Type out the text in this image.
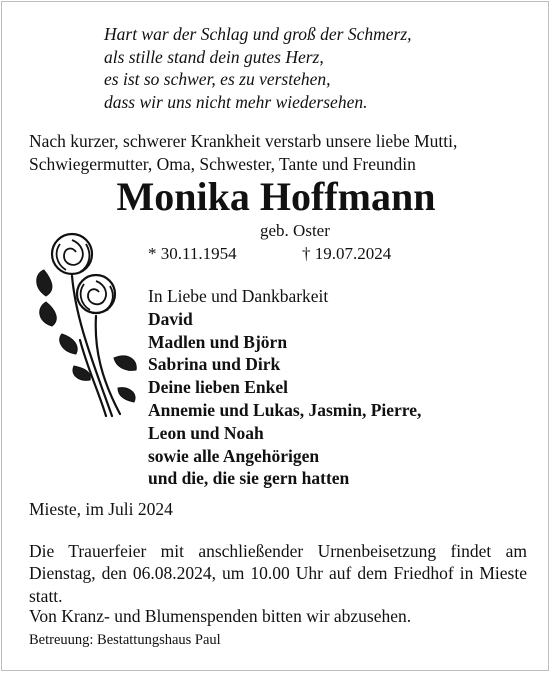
Hart war der Schlag und groß der Schmerz,
als stille stand dein gutes Herz,
es ist so schwer, es zu verstehen,
dass wir uns nicht mehr wiedersehen.
Nach kurzer, schwerer Krankheit verstarb unsere liebe Mutti,
Schwiegermutter, Oma, Schwester, Tante und Freundin
Monika Hoffmann
geb. Oster
* 30.11.1954	† 19.07.2024
In Liebe und Dankbarkeit
David
Madlen und Björn
Sabrina und Dirk
Deine lieben Enkel
Annemie und Lukas, Jasmin, Pierre,
Leon und Noah
sowie alle Angehörigen
und die, die sie gern hatten
Mieste, im Juli 2024
Die Trauerfeier mit anschließender Urnenbeisetzung findet am Dienstag, den 06.08.2024, um 10.00 Uhr auf dem Friedhof in Mieste statt.
Von Kranz- und Blumenspenden bitten wir abzusehen.
Betreuung: Bestattungshaus Paul
